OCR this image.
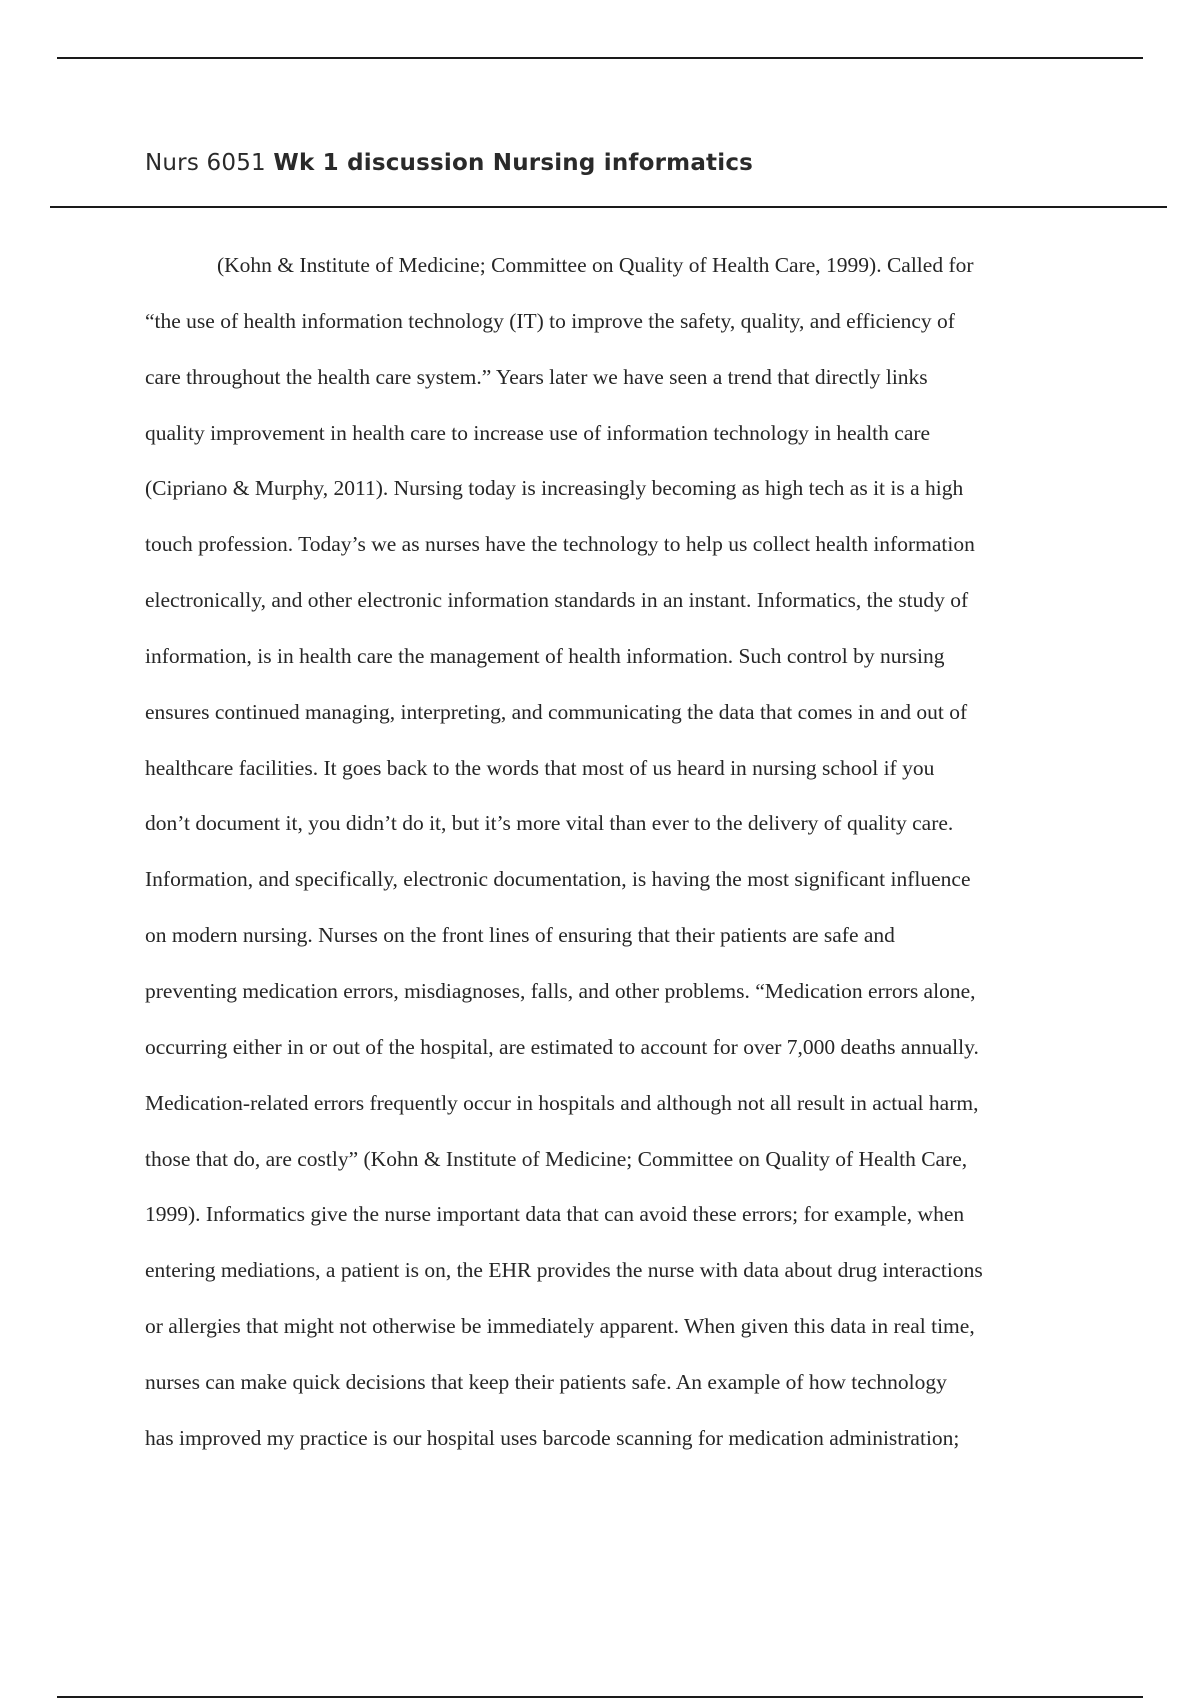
Nurs 6051 Wk 1 discussion Nursing informatics
(Kohn & Institute of Medicine; Committee on Quality of Health Care, 1999). Called for
“the use of health information technology (IT) to improve the safety, quality, and efficiency of
care throughout the health care system.” Years later we have seen a trend that directly links
quality improvement in health care to increase use of information technology in health care
(Cipriano & Murphy, 2011). Nursing today is increasingly becoming as high tech as it is a high
touch profession. Today’s we as nurses have the technology to help us collect health information
electronically, and other electronic information standards in an instant. Informatics, the study of
information, is in health care the management of health information. Such control by nursing
ensures continued managing, interpreting, and communicating the data that comes in and out of
healthcare facilities. It goes back to the words that most of us heard in nursing school if you
don’t document it, you didn’t do it, but it’s more vital than ever to the delivery of quality care.
Information, and specifically, electronic documentation, is having the most significant influence
on modern nursing. Nurses on the front lines of ensuring that their patients are safe and
preventing medication errors, misdiagnoses, falls, and other problems. “Medication errors alone,
occurring either in or out of the hospital, are estimated to account for over 7,000 deaths annually.
Medication-related errors frequently occur in hospitals and although not all result in actual harm,
those that do, are costly” (Kohn & Institute of Medicine; Committee on Quality of Health Care,
1999). Informatics give the nurse important data that can avoid these errors; for example, when
entering mediations, a patient is on, the EHR provides the nurse with data about drug interactions
or allergies that might not otherwise be immediately apparent. When given this data in real time,
nurses can make quick decisions that keep their patients safe. An example of how technology
has improved my practice is our hospital uses barcode scanning for medication administration;
